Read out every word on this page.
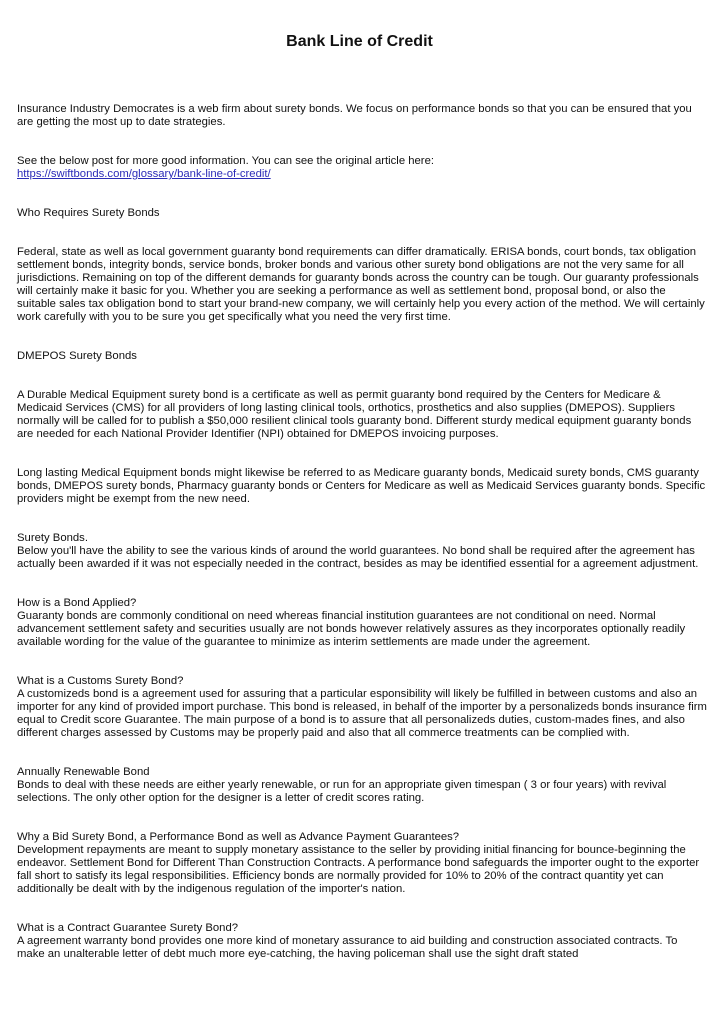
Bank Line of Credit

Insurance Industry Democrates is a web firm about surety bonds. We focus on performance bonds so that you can be ensured that you are getting the most up to date strategies.

See the below post for more good information. You can see the original article here:

https://swiftbonds.com/glossary/bank-line-of-credit/

Who Requires Surety Bonds

Federal, state as well as local government guaranty bond requirements can differ dramatically. ERISA bonds, court bonds, tax obligation settlement bonds, integrity bonds, service bonds, broker bonds and various other surety bond obligations are not the very same for all jurisdictions. Remaining on top of the different demands for guaranty bonds across the country can be tough. Our guaranty professionals will certainly make it basic for you. Whether you are seeking a performance as well as settlement bond, proposal bond, or also the suitable sales tax obligation bond to start your brand-new company, we will certainly help you every action of the method. We will certainly work carefully with you to be sure you get specifically what you need the very first time.

DMEPOS Surety Bonds

A Durable Medical Equipment surety bond is a certificate as well as permit guaranty bond required by the Centers for Medicare & Medicaid Services (CMS) for all providers of long lasting clinical tools, orthotics, prosthetics and also supplies (DMEPOS). Suppliers normally will be called for to publish a $50,000 resilient clinical tools guaranty bond. Different sturdy medical equipment guaranty bonds are needed for each National Provider Identifier (NPI) obtained for DMEPOS invoicing purposes.

Long lasting Medical Equipment bonds might likewise be referred to as Medicare guaranty bonds, Medicaid surety bonds, CMS guaranty bonds, DMEPOS surety bonds, Pharmacy guaranty bonds or Centers for Medicare as well as Medicaid Services guaranty bonds. Specific providers might be exempt from the new need.

Surety Bonds.

Below you'll have the ability to see the various kinds of around the world guarantees. No bond shall be required after the agreement has actually been awarded if it was not especially needed in the contract, besides as may be identified essential for a agreement adjustment.

How is a Bond Applied?

Guaranty bonds are commonly conditional on need whereas financial institution guarantees are not conditional on need. Normal advancement settlement safety and securities usually are not bonds however relatively assures as they incorporates optionally readily available wording for the value of the guarantee to minimize as interim settlements are made under the agreement.

What is a Customs Surety Bond?

A customizeds bond is a agreement used for assuring that a particular esponsibility will likely be fulfilled in between customs and also an importer for any kind of provided import purchase. This bond is released, in behalf of the importer by a personalizeds bonds insurance firm equal to Credit score Guarantee. The main purpose of a bond is to assure that all personalizeds duties, custom-mades fines, and also different charges assessed by Customs may be properly paid and also that all commerce treatments can be complied with.

Annually Renewable Bond

Bonds to deal with these needs are either yearly renewable, or run for an appropriate given timespan ( 3 or four years) with revival selections. The only other option for the designer is a letter of credit scores rating.

Why a Bid Surety Bond, a Performance Bond as well as Advance Payment Guarantees?

Development repayments are meant to supply monetary assistance to the seller by providing initial financing for bounce-beginning the endeavor. Settlement Bond for Different Than Construction Contracts. A performance bond safeguards the importer ought to the exporter fall short to satisfy its legal responsibilities. Efficiency bonds are normally provided for 10% to 20% of the contract quantity yet can additionally be dealt with by the indigenous regulation of the importer's nation.

What is a Contract Guarantee Surety Bond?

A agreement warranty bond provides one more kind of monetary assurance to aid building and construction associated contracts. To make an unalterable letter of debt much more eye-catching, the having policeman shall use the sight draft stated
